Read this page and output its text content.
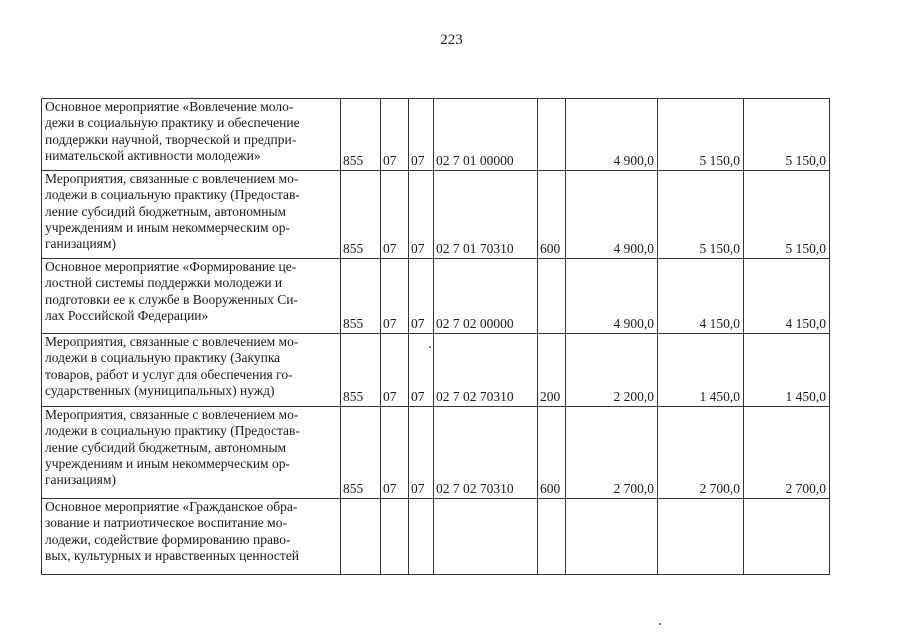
223
Основное мероприятие «Вовлечение моло-
дежи в социальную практику и обеспечение
поддержки научной, творческой и предпри-
нимательской активности молодежи»	855	07	07	02 7 01 00000		4 900,0	5 150,0	5 150,0

Мероприятия, связанные с вовлечением мо-
лодежи в социальную практику (Предостав-
ление субсидий бюджетным, автономным
учреждениям и иным некоммерческим ор-
ганизациям)	855	07	07	02 7 01 70310	600	4 900,0	5 150,0	5 150,0

Основное мероприятие «Формирование це-
лостной системы поддержки молодежи и
подготовки ее к службе в Вооруженных Си-
лах Российской Федерации»	855	07	07	02 7 02 00000		4 900,0	4 150,0	4 150,0

Мероприятия, связанные с вовлечением мо-
лодежи в социальную практику (Закупка
товаров, работ и услуг для обеспечения го-
сударственных (муниципальных) нужд)	855	07	07	02 7 02 70310	200	2 200,0	1 450,0	1 450,0

Мероприятия, связанные с вовлечением мо-
лодежи в социальную практику (Предостав-
ление субсидий бюджетным, автономным
учреждениям и иным некоммерческим ор-
ганизациям)	855	07	07	02 7 02 70310	600	2 700,0	2 700,0	2 700,0

Основное мероприятие «Гражданское обра-
зование и патриотическое воспитание мо-
лодежи, содействие формированию право-
вых, культурных и нравственных ценностей								
